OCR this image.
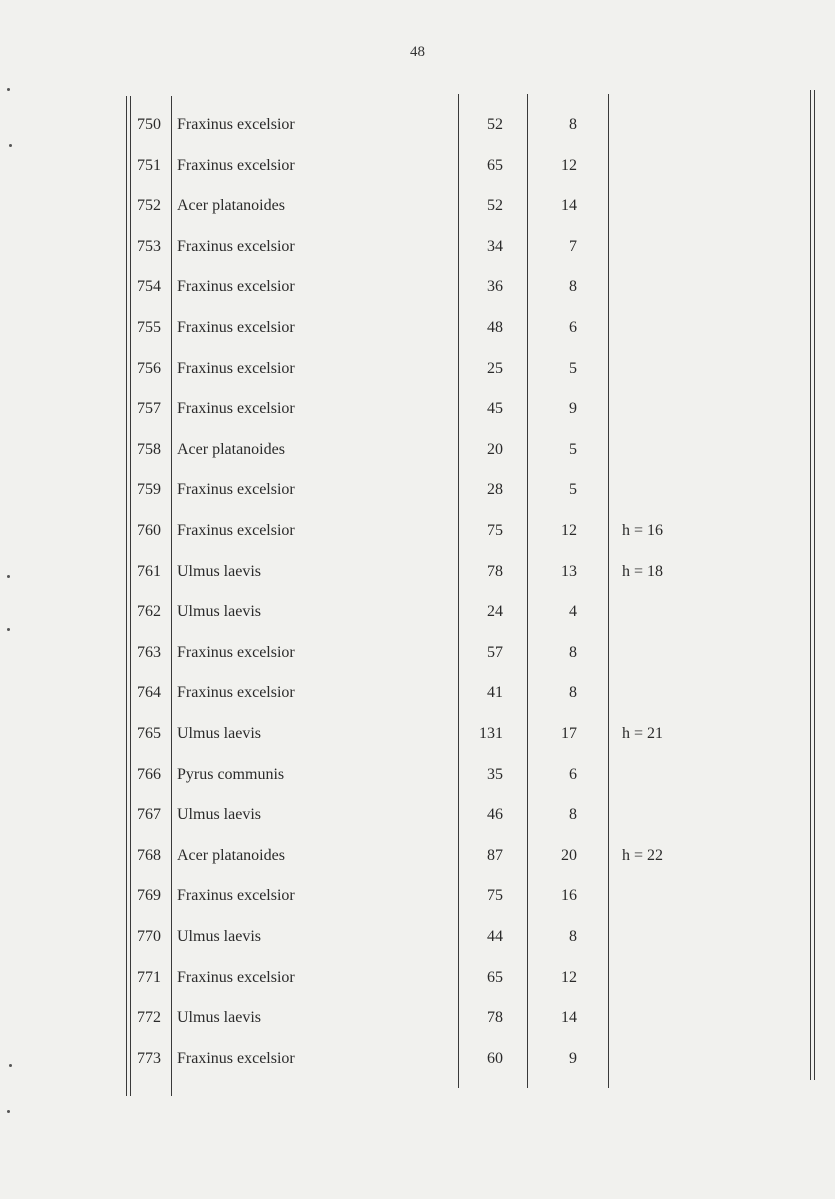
48
750 Fraxinus excelsior	52	8
751 Fraxinus excelsior	65	12
752 Acer platanoides	52	14
753 Fraxinus excelsior	34	7
754 Fraxinus excelsior	36	8
755 Fraxinus excelsior	48	6
756 Fraxinus excelsior	25	5
757 Fraxinus excelsior	45	9
758 Acer platanoides	20	5
759 Fraxinus excelsior	28	5
760 Fraxinus excelsior	75	12	h = 16
761 Ulmus laevis	78	13	h = 18
762 Ulmus laevis	24	4
763 Fraxinus excelsior	57	8
764 Fraxinus excelsior	41	8
765 Ulmus laevis	131	17	h = 21
766 Pyrus communis	35	6
767 Ulmus laevis	46	8
768 Acer platanoides	87	20	h = 22
769 Fraxinus excelsior	75	16
770 Ulmus laevis	44	8
771 Fraxinus excelsior	65	12
772 Ulmus laevis	78	14
773 Fraxinus excelsior	60	9
